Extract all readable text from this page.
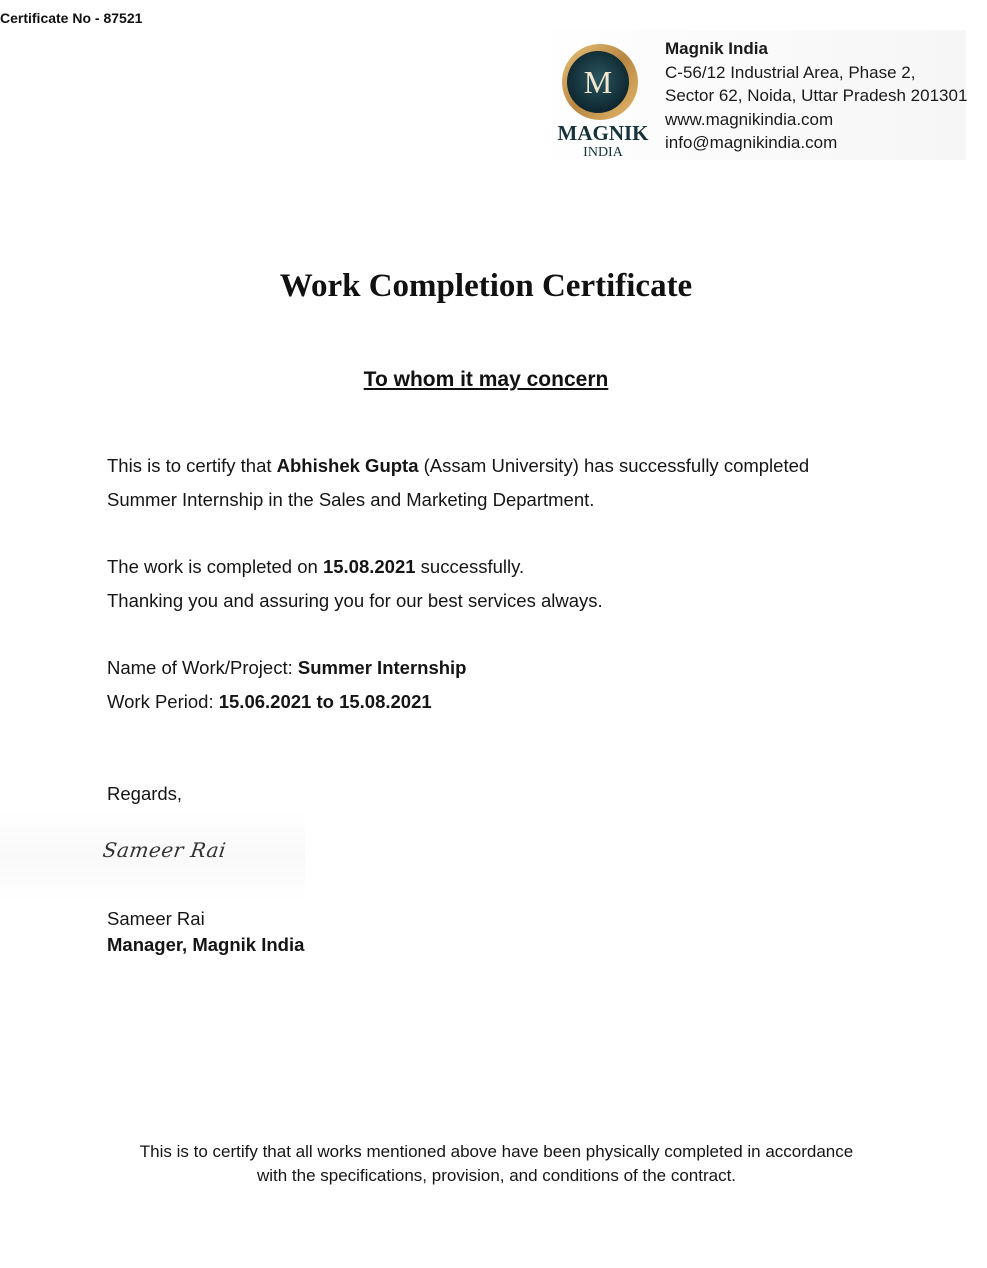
Certificate No - 87521
M
MAGNIK
INDIA
Magnik India
C-56/12 Industrial Area, Phase 2,
Sector 62, Noida, Uttar Pradesh 201301
www.magnikindia.com
info@magnikindia.com
Work Completion Certificate
To whom it may concern
This is to certify that Abhishek Gupta (Assam University) has successfully completed
Summer Internship in the Sales and Marketing Department.
The work is completed on 15.08.2021 successfully.
Thanking you and assuring you for our best services always.
Name of Work/Project: Summer Internship
Work Period: 15.06.2021 to 15.08.2021
Regards,
Sameer Rai
Sameer Rai
Manager, Magnik India
This is to certify that all works mentioned above have been physically completed in accordance
with the specifications, provision, and conditions of the contract.
